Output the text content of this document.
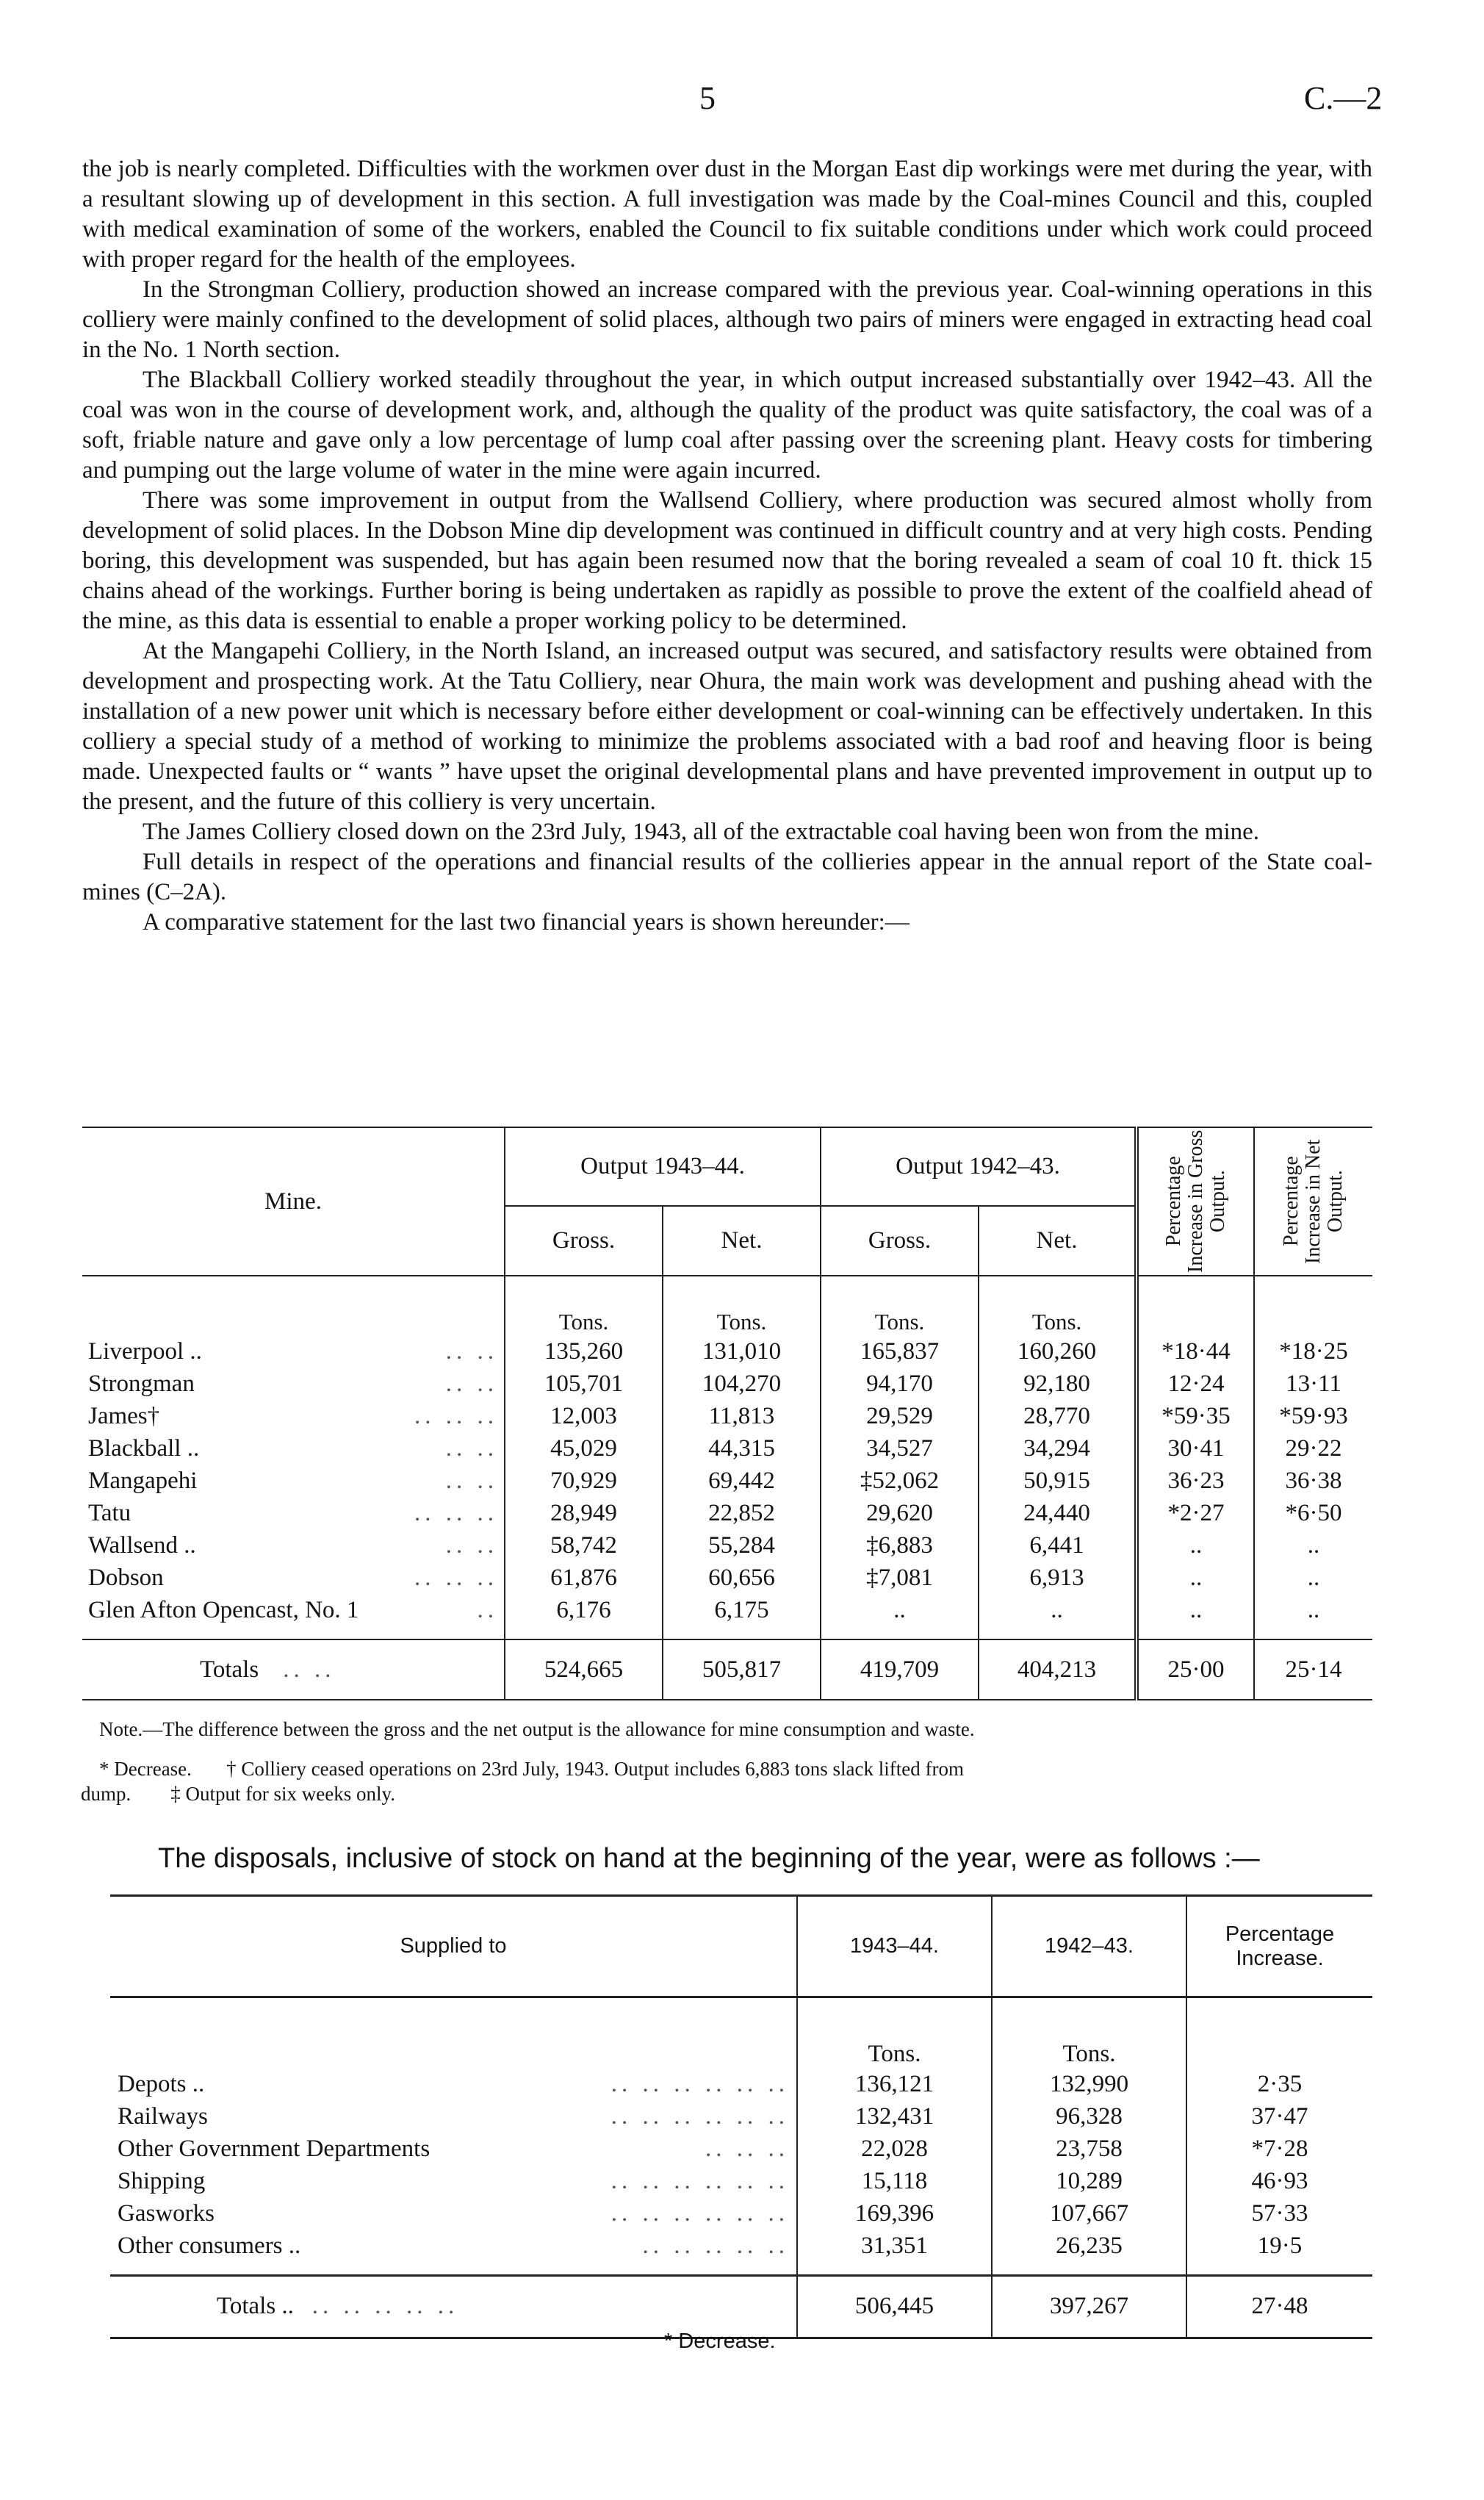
5	C.—2

the job is nearly completed. Difficulties with the workmen over dust in the Morgan East dip workings were met during the year, with a resultant slowing up of development in this section. A full investigation was made by the Coal-mines Council and this, coupled with medical examination of some of the workers, enabled the Council to fix suitable conditions under which work could proceed with proper regard for the health of the employees.

In the Strongman Colliery, production showed an increase compared with the previous year. Coal-winning operations in this colliery were mainly confined to the development of solid places, although two pairs of miners were engaged in extracting head coal in the No. 1 North section.

The Blackball Colliery worked steadily throughout the year, in which output increased substantially over 1942–43. All the coal was won in the course of development work, and, although the quality of the product was quite satisfactory, the coal was of a soft, friable nature and gave only a low percentage of lump coal after passing over the screening plant. Heavy costs for timbering and pumping out the large volume of water in the mine were again incurred.

There was some improvement in output from the Wallsend Colliery, where production was secured almost wholly from development of solid places. In the Dobson Mine dip development was continued in difficult country and at very high costs. Pending boring, this development was suspended, but has again been resumed now that the boring revealed a seam of coal 10 ft. thick 15 chains ahead of the workings. Further boring is being undertaken as rapidly as possible to prove the extent of the coalfield ahead of the mine, as this data is essential to enable a proper working policy to be determined.

At the Mangapehi Colliery, in the North Island, an increased output was secured, and satisfactory results were obtained from development and prospecting work. At the Tatu Colliery, near Ohura, the main work was development and pushing ahead with the installation of a new power unit which is necessary before either development or coal-winning can be effectively undertaken. In this colliery a special study of a method of working to minimize the problems associated with a bad roof and heaving floor is being made. Unexpected faults or “ wants ” have upset the original developmental plans and have prevented improvement in output up to the present, and the future of this colliery is very uncertain.

The James Colliery closed down on the 23rd July, 1943, all of the extractable coal having been won from the mine.

Full details in respect of the operations and financial results of the collieries appear in the annual report of the State coal-mines (C–2A).

A comparative statement for the last two financial years is shown hereunder:—

Mine.	Output 1943–44.		Output 1942–43.		Percentage Increase in Gross Output.	Percentage Increase in Net Output.

	Gross.	Net.	Gross.	Net.		
	Tons.	Tons.	Tons.	Tons.		
Liverpool .. .. ..	135,260	131,010	165,837	160,260	*18·44	*18·25
Strongman .. ..	105,701	104,270	94,170	92,180	12·24	13·11
James† .. .. ..	12,003	11,813	29,529	28,770	*59·35	*59·93
Blackball .. .. ..	45,029	44,315	34,527	34,294	30·41	29·22
Mangapehi .. ..	70,929	69,442	‡52,062	50,915	36·23	36·38
Tatu .. .. ..	28,949	22,852	29,620	24,440	*2·27	*6·50
Wallsend .. .. ..	58,742	55,284	‡6,883	6,441	..	..
Dobson .. .. ..	61,876	60,656	‡7,081	6,913	..	..
Glen Afton Opencast, No. 1 ..	6,176	6,175	..	..	..	..

Totals .. ..	524,665	505,817	419,709	404,213	25·00	25·14
Note.—The difference between the gross and the net output is the allowance for mine consumption and waste.
* Decrease.       † Colliery ceased operations on 23rd July, 1943. Output includes 6,883 tons slack lifted from
dump.        ‡ Output for six weeks only.
The disposals, inclusive of stock on hand at the beginning of the year, were as follows :—
Supplied to	1943–44.	1942–43.	Percentage Increase.
	Tons.	Tons.	
Depots .. .. .. .. .. .. ..	136,121	132,990	2·35
Railways .. .. .. .. .. ..	132,431	96,328	37·47
Other Government Departments .. .. ..	22,028	23,758	*7·28
Shipping .. .. .. .. .. ..	15,118	10,289	46·93
Gasworks .. .. .. .. .. ..	169,396	107,667	57·33
Other consumers .. .. .. .. .. ..	31,351	26,235	19·5

Totals .. .. .. .. .. ..	506,445	397,267	27·48
* Decrease.
